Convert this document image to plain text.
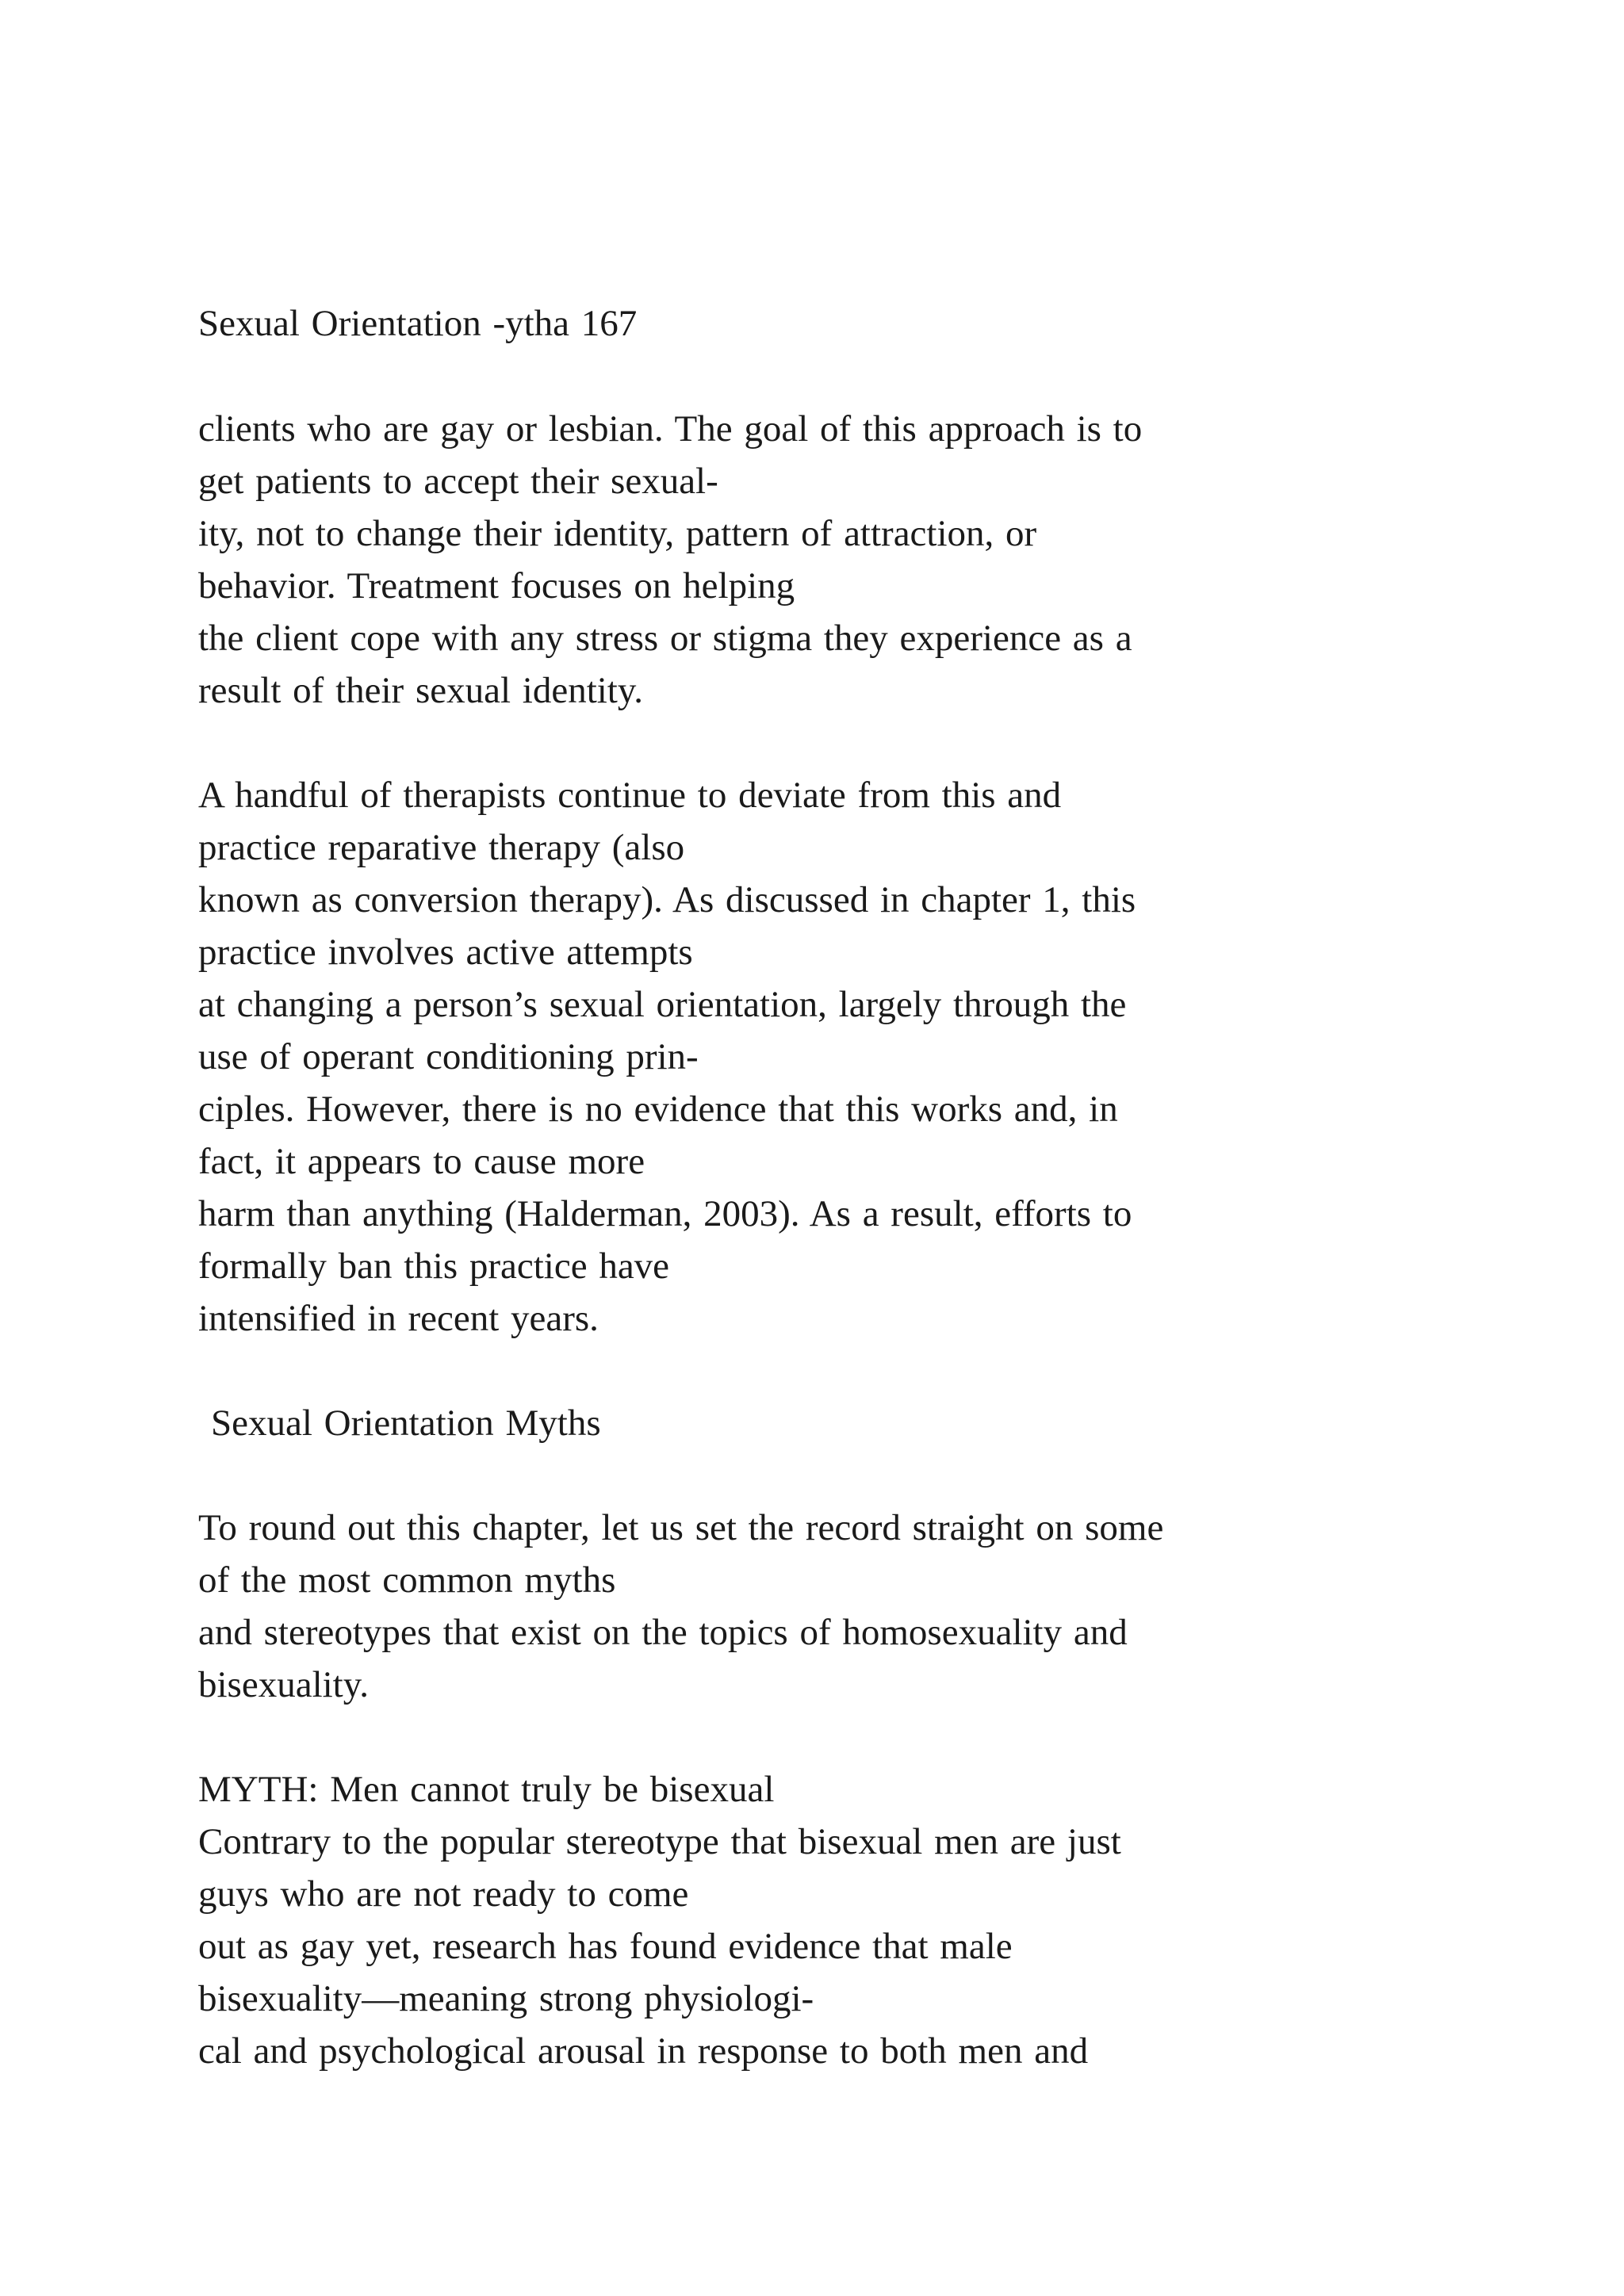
Sexual Orientation -ytha 167

clients who are gay or lesbian. The goal of this approach is to

get patients to accept their sexual-

ity, not to change their identity, pattern of attraction, or

behavior. Treatment focuses on helping

the client cope with any stress or stigma they experience as a

result of their sexual identity.

A handful of therapists continue to deviate from this and

practice reparative therapy (also

known as conversion therapy). As discussed in chapter 1, this

practice involves active attempts

at changing a person’s sexual orientation, largely through the

use of operant conditioning prin-

ciples. However, there is no evidence that this works and, in

fact, it appears to cause more

harm than anything (Halderman, 2003). As a result, efforts to

formally ban this practice have

intensified in recent years.

Sexual Orientation Myths

To round out this chapter, let us set the record straight on some

of the most common myths

and stereotypes that exist on the topics of homosexuality and

bisexuality.

MYTH: Men cannot truly be bisexual

Contrary to the popular stereotype that bisexual men are just

guys who are not ready to come

out as gay yet, research has found evidence that male

bisexuality—meaning strong physiologi-

cal and psychological arousal in response to both men and
